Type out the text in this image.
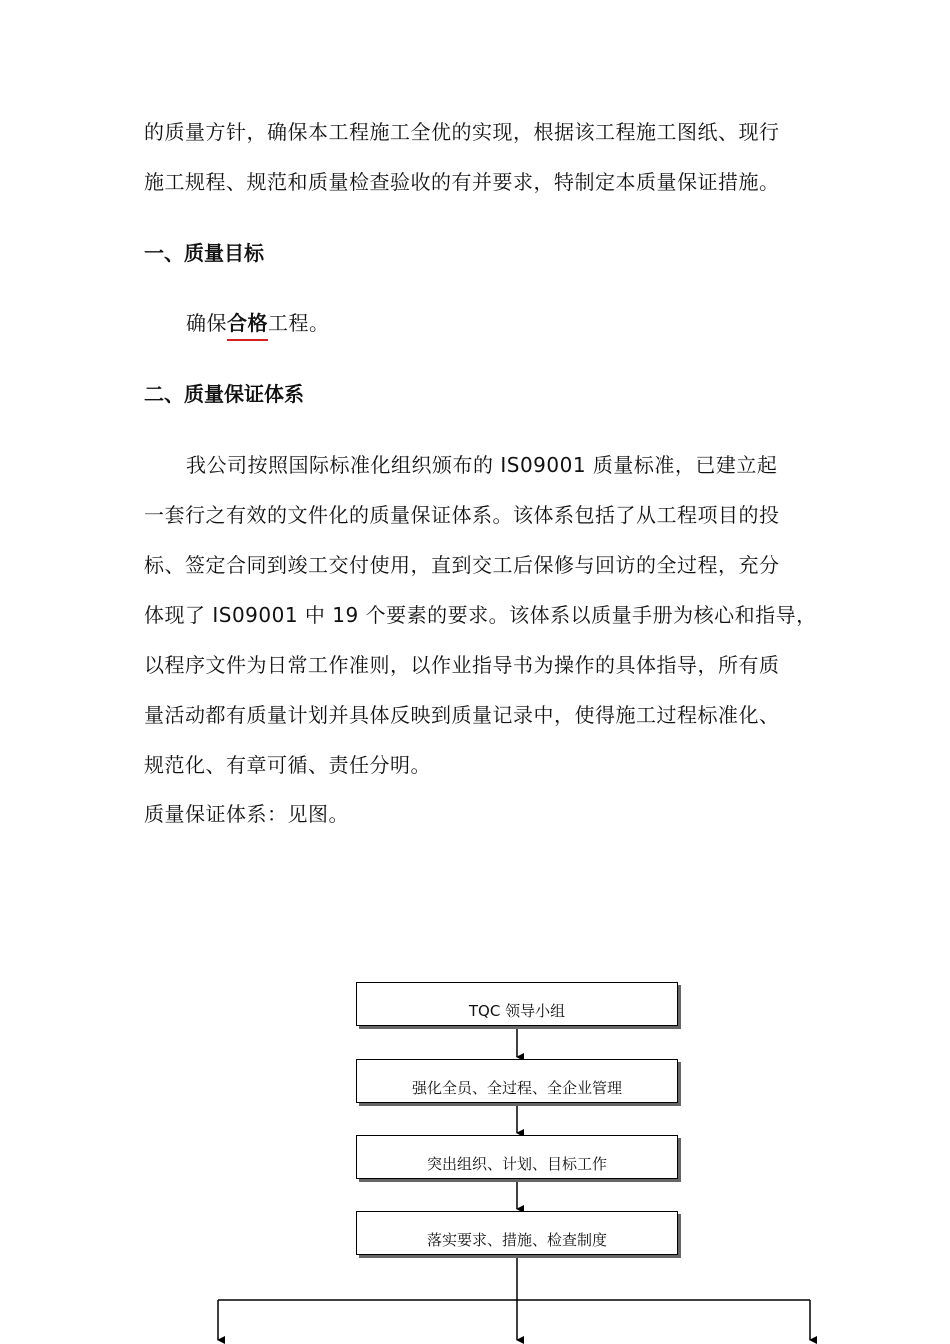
的质量方针，确保本工程施工全优的实现，根据该工程施工图纸、现行
施工规程、规范和质量检查验收的有并要求，特制定本质量保证措施。
一、质量目标
确保合格工程。
二、质量保证体系
我公司按照国际标准化组织颁布的 IS09001 质量标准，已建立起
一套行之有效的文件化的质量保证体系。该体系包括了从工程项目的投
标、签定合同到竣工交付使用，直到交工后保修与回访的全过程，充分
体现了 IS09001 中 19 个要素的要求。该体系以质量手册为核心和指导，
以程序文件为日常工作准则，以作业指导书为操作的具体指导，所有质
量活动都有质量计划并具体反映到质量记录中，使得施工过程标准化、
规范化、有章可循、责任分明。
质量保证体系：见图。
TQC 领导小组
强化全员、全过程、全企业管理
突出组织、计划、目标工作
落实要求、措施、检查制度
